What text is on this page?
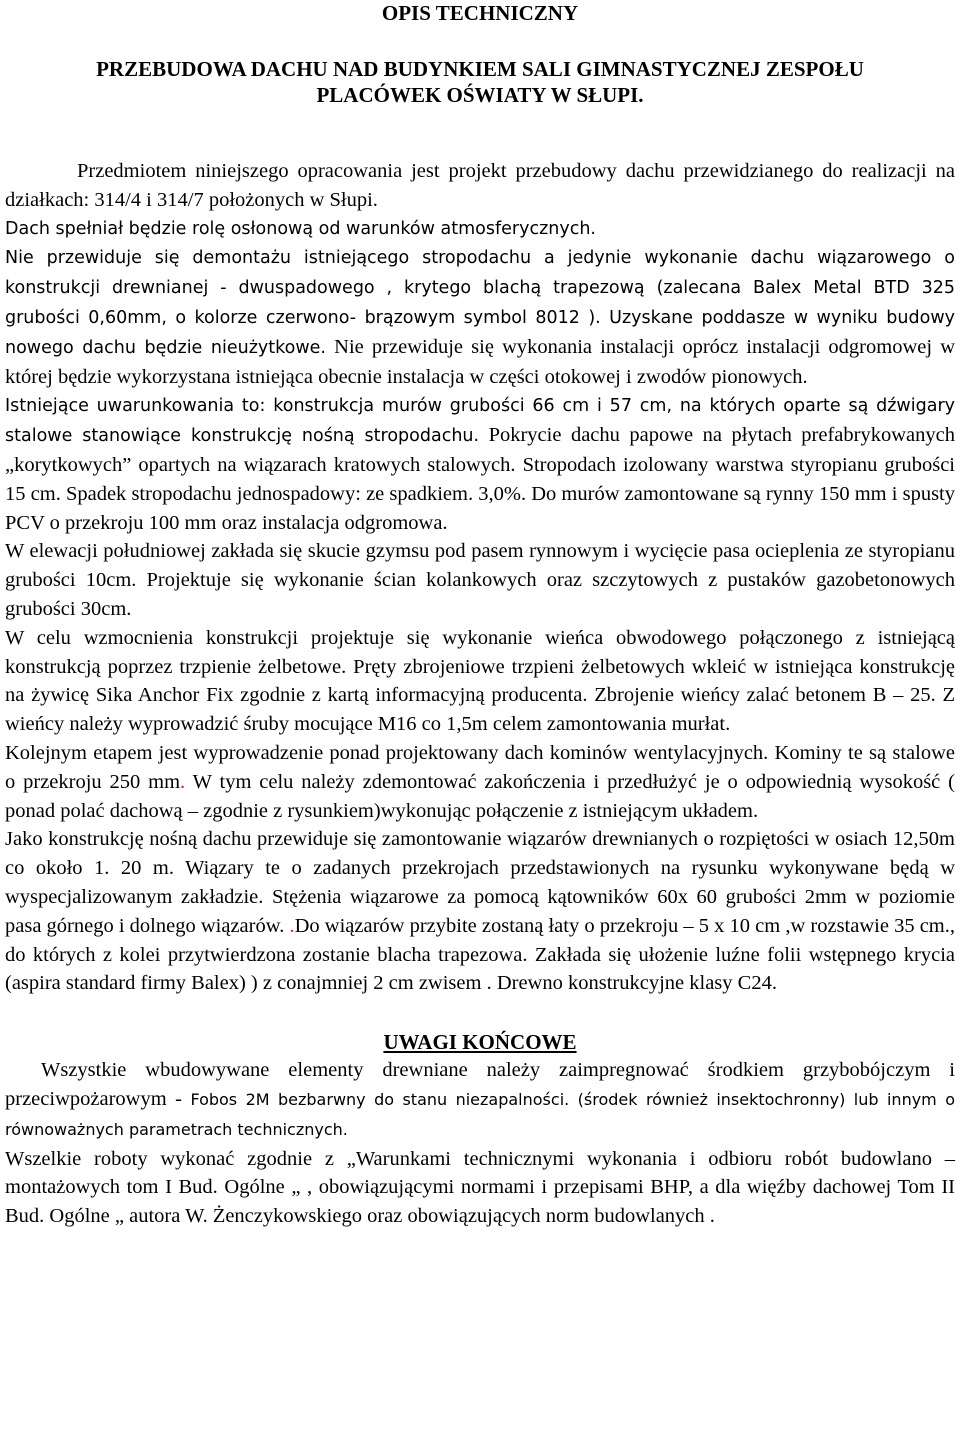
OPIS TECHNICZNY

PRZEBUDOWA DACHU NAD BUDYNKIEM SALI GIMNASTYCZNEJ ZESPOŁU

PLACÓWEK OŚWIATY W SŁUPI.

Przedmiotem niniejszego opracowania jest projekt przebudowy dachu przewidzianego do realizacji na działkach: 314/4 i 314/7 położonych w Słupi.

Dach spełniał będzie rolę osłonową od warunków atmosferycznych.

Nie przewiduje się demontażu istniejącego stropodachu a jedynie wykonanie dachu wiązarowego o konstrukcji drewnianej - dwuspadowego , krytego blachą trapezową (zalecana Balex Metal BTD 325 grubości 0,60mm, o kolorze czerwono- brązowym symbol 8012 ). Uzyskane poddasze w wyniku budowy nowego dachu będzie nieużytkowe. Nie przewiduje się wykonania instalacji oprócz instalacji odgromowej w której będzie wykorzystana istniejąca obecnie instalacja w części otokowej i zwodów pionowych.

Istniejące uwarunkowania to: konstrukcja murów grubości 66 cm i 57 cm, na których oparte są dźwigary stalowe stanowiące konstrukcję nośną stropodachu. Pokrycie dachu papowe na płytach prefabrykowanych „korytkowych” opartych na wiązarach kratowych stalowych. Stropodach izolowany warstwa styropianu grubości 15 cm. Spadek stropodachu jednospadowy: ze spadkiem. 3,0%. Do murów zamontowane są rynny 150 mm i spusty PCV o przekroju 100 mm oraz instalacja odgromowa.

W elewacji południowej zakłada się skucie gzymsu pod pasem rynnowym i wycięcie pasa ocieplenia ze styropianu grubości 10cm. Projektuje się wykonanie ścian kolankowych oraz szczytowych z pustaków gazobetonowych grubości 30cm.

W celu wzmocnienia konstrukcji projektuje się wykonanie wieńca obwodowego połączonego z istniejącą konstrukcją poprzez trzpienie żelbetowe. Pręty zbrojeniowe trzpieni żelbetowych wkleić w istniejąca konstrukcję na żywicę Sika Anchor Fix zgodnie z kartą informacyjną producenta. Zbrojenie wieńcy zalać betonem B – 25. Z wieńcy należy wyprowadzić śruby mocujące M16 co 1,5m celem zamontowania murłat.

Kolejnym etapem jest wyprowadzenie ponad projektowany dach kominów wentylacyjnych. Kominy te są stalowe o przekroju 250 mm. W tym celu należy zdemontować zakończenia i przedłużyć je o odpowiednią wysokość ( ponad polać dachową – zgodnie z rysunkiem)wykonując połączenie z istniejącym układem.

Jako konstrukcję nośną dachu przewiduje się zamontowanie wiązarów drewnianych o rozpiętości w osiach 12,50m co około 1. 20 m. Wiązary te o zadanych przekrojach przedstawionych na rysunku wykonywane będą w wyspecjalizowanym zakładzie. Stężenia wiązarowe za pomocą kątowników 60x 60 grubości 2mm w poziomie pasa górnego i dolnego wiązarów. .Do wiązarów przybite zostaną łaty o przekroju – 5 x 10 cm ,w rozstawie 35 cm., do których z kolei przytwierdzona zostanie blacha trapezowa. Zakłada się ułożenie luźne folii wstępnego krycia (aspira standard firmy Balex) ) z conajmniej 2 cm zwisem . Drewno konstrukcyjne klasy C24.

UWAGI KOŃCOWE

Wszystkie wbudowywane elementy drewniane należy zaimpregnować środkiem grzybobójczym i przeciwpożarowym - Fobos 2M bezbarwny do stanu niezapalności. (środek również insektochronny) lub innym o równoważnych parametrach technicznych.

Wszelkie roboty wykonać zgodnie z „Warunkami technicznymi wykonania i odbioru robót budowlano – montażowych tom I Bud. Ogólne „ , obowiązującymi normami i przepisami BHP, a dla więźby dachowej Tom II Bud. Ogólne „ autora W. Żenczykowskiego oraz obowiązujących norm budowlanych .
